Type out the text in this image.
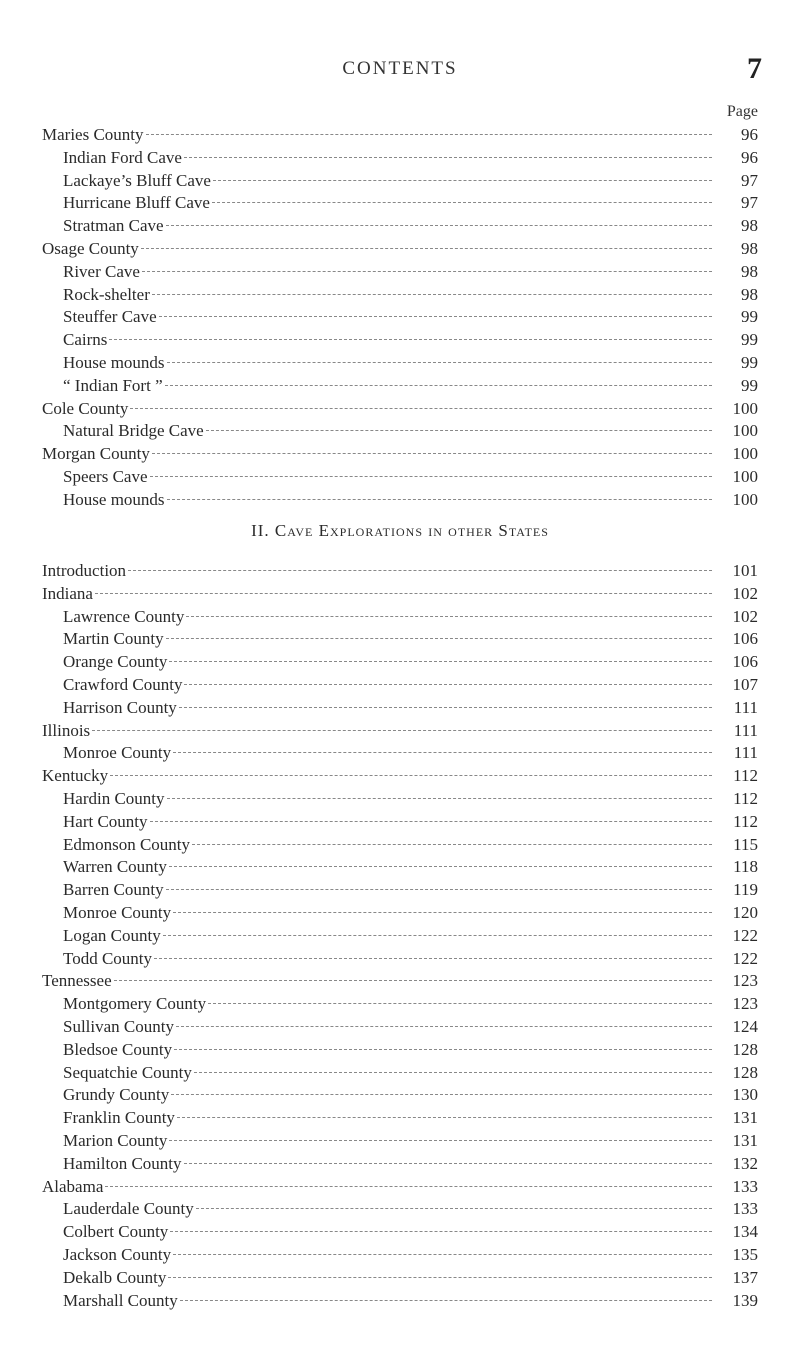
CONTENTS	7
Page
Maries County	96
Indian Ford Cave	96
Lackaye’s Bluff Cave	97
Hurricane Bluff Cave	97
Stratman Cave	98
Osage County	98
River Cave	98
Rock-shelter	98
Steuffer Cave	99
Cairns	99
House mounds	99
“ Indian Fort ”	99
Cole County	100
Natural Bridge Cave	100
Morgan County	100
Speers Cave	100
House mounds	100
II. Cave Explorations in other States
Introduction	101
Indiana	102
Lawrence County	102
Martin County	106
Orange County	106
Crawford County	107
Harrison County	111
Illinois	111
Monroe County	111
Kentucky	112
Hardin County	112
Hart County	112
Edmonson County	115
Warren County	118
Barren County	119
Monroe County	120
Logan County	122
Todd County	122
Tennessee	123
Montgomery County	123
Sullivan County	124
Bledsoe County	128
Sequatchie County	128
Grundy County	130
Franklin County	131
Marion County	131
Hamilton County	132
Alabama	133
Lauderdale County	133
Colbert County	134
Jackson County	135
Dekalb County	137
Marshall County	139
